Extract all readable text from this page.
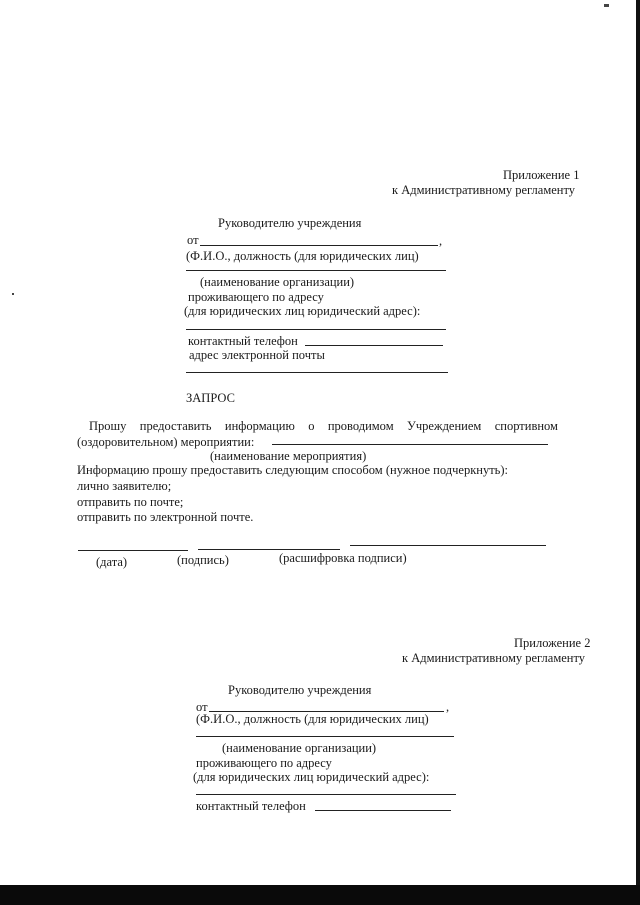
Приложение 1
к Административному регламенту
Руководителю учреждения
от	,
(Ф.И.О., должность (для юридических лиц)
(наименование организации)
проживающего по адресу
(для юридических лиц юридический адрес):
контактный телефон
адрес электронной почты
ЗАПРОС
Прошу предоставить информацию о проводимом Учреждением спортивном
(оздоровительном) мероприятии:
(наименование мероприятия)
Информацию прошу предоставить следующим способом (нужное подчеркнуть):
лично заявителю;
отправить по почте;
отправить по электронной почте.
(дата)	(подпись)	(расшифровка подписи)
Приложение 2
к Административному регламенту
Руководителю учреждения
от	,
(Ф.И.О., должность (для юридических лиц)
(наименование организации)
проживающего по адресу
(для юридических лиц юридический адрес):
контактный телефон
